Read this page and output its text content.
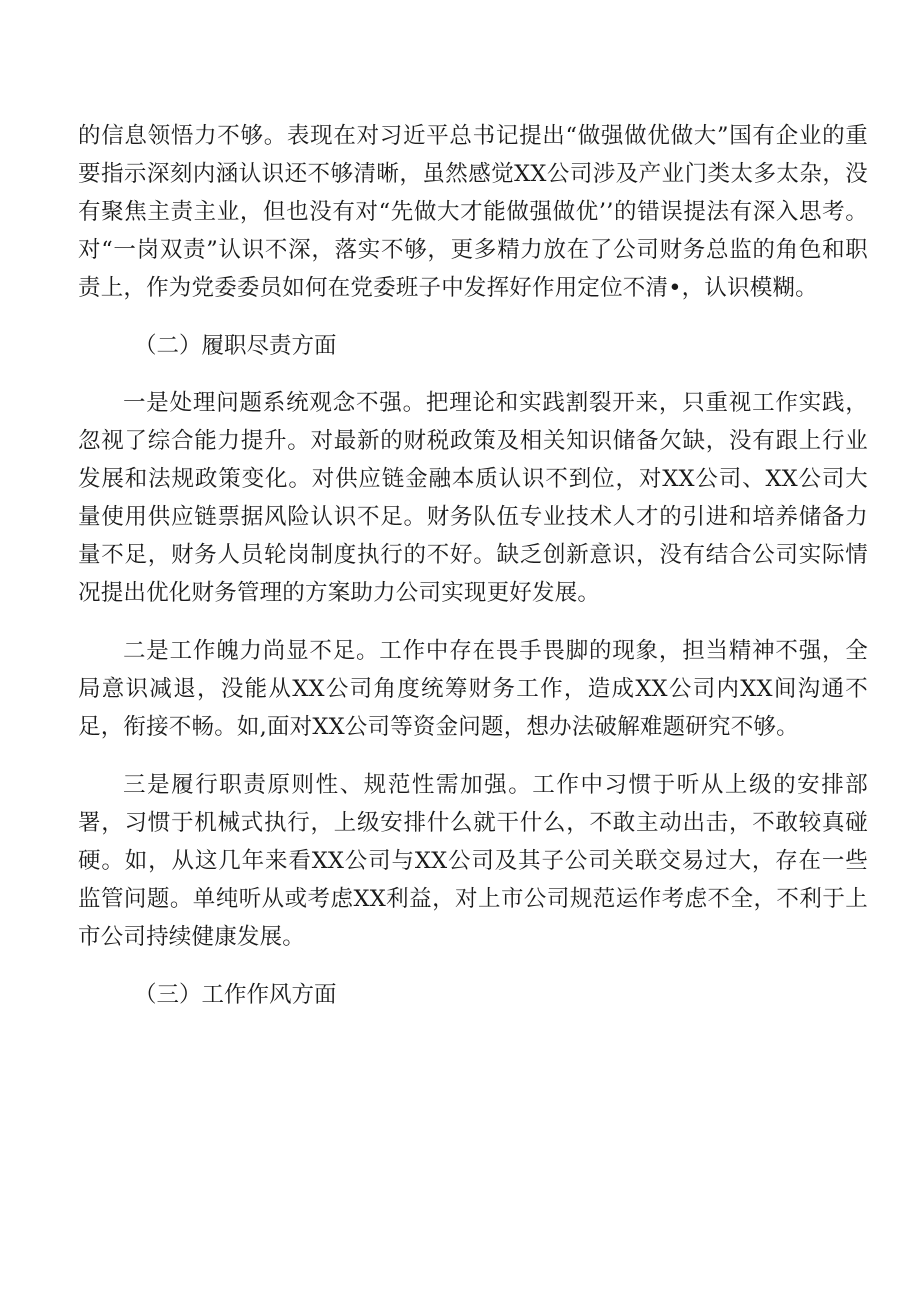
的信息领悟力不够。表现在对习近平总书记提出“做强做优做大”国有企业的重要指示深刻内涵认识还不够清晰，虽然感觉XX公司涉及产业门类太多太杂，没有聚焦主责主业，但也没有对“先做大才能做强做优’’的错误提法有深入思考。对“一岗双责”认识不深，落实不够，更多精力放在了公司财务总监的角色和职责上，作为党委委员如何在党委班子中发挥好作用定位不清•，认识模糊。

（二）履职尽责方面

一是处理问题系统观念不强。把理论和实践割裂开来，只重视工作实践，忽视了综合能力提升。对最新的财税政策及相关知识储备欠缺，没有跟上行业发展和法规政策变化。对供应链金融本质认识不到位，对XX公司、XX公司大量使用供应链票据风险认识不足。财务队伍专业技术人才的引进和培养储备力量不足，财务人员轮岗制度执行的不好。缺乏创新意识，没有结合公司实际情况提出优化财务管理的方案助力公司实现更好发展。

二是工作魄力尚显不足。工作中存在畏手畏脚的现象，担当精神不强，全局意识减退，没能从XX公司角度统筹财务工作，造成XX公司内XX间沟通不足，衔接不畅。如,面对XX公司等资金问题，想办法破解难题研究不够。

三是履行职责原则性、规范性需加强。工作中习惯于听从上级的安排部署，习惯于机械式执行，上级安排什么就干什么，不敢主动出击，不敢较真碰硬。如，从这几年来看XX公司与XX公司及其子公司关联交易过大，存在一些监管问题。单纯听从或考虑XX利益，对上市公司规范运作考虑不全，不利于上市公司持续健康发展。

（三）工作作风方面
